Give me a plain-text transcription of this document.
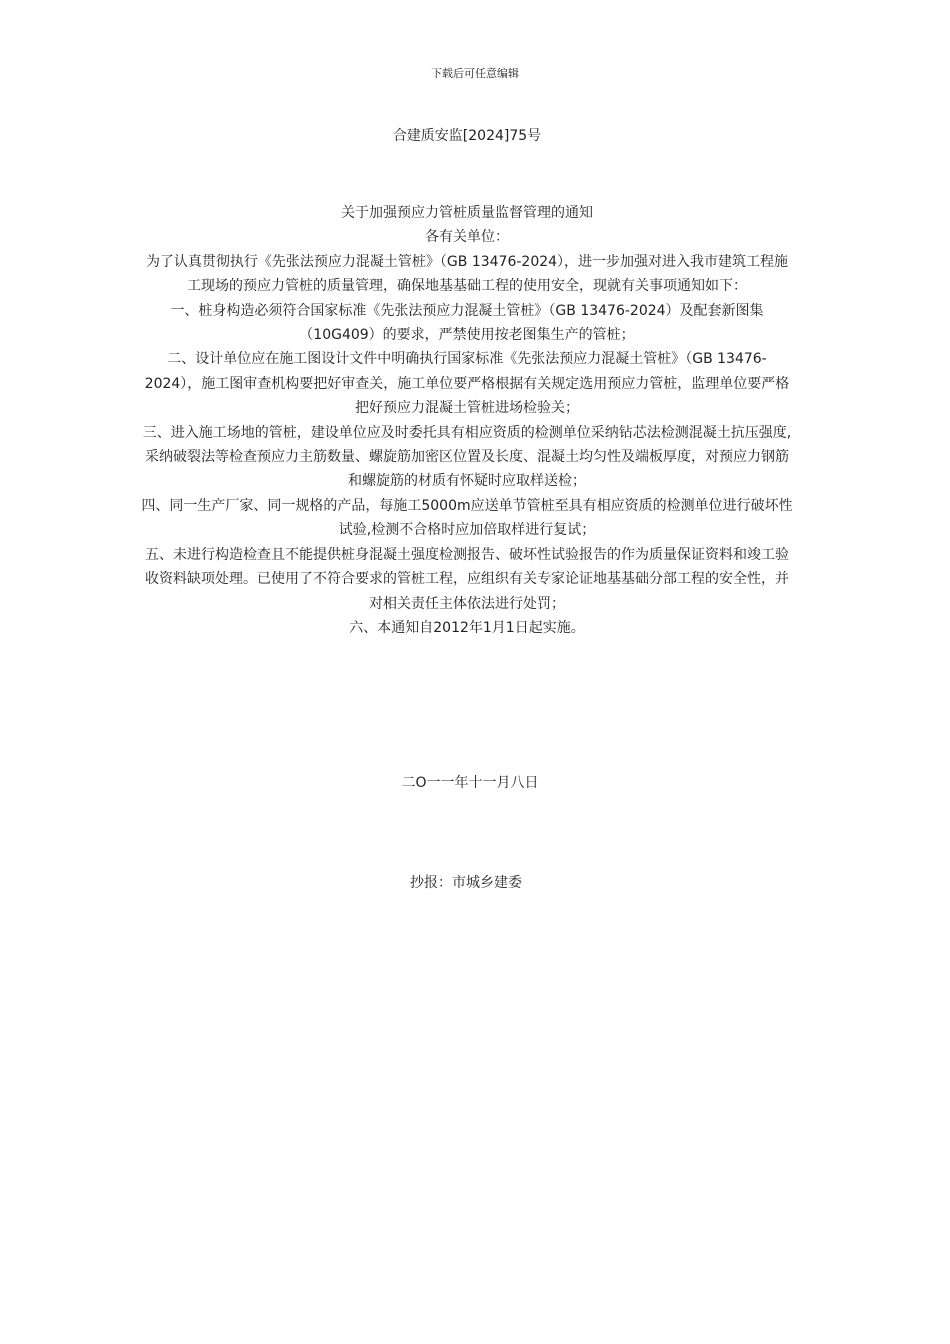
下载后可任意编辑
合建质安监[2024]75号

关于加强预应力管桩质量监督管理的通知

各有关单位：

为了认真贯彻执行《先张法预应力混凝土管桩》（GB 13476-2024），进一步加强对进入我市建筑工程施工现场的预应力管桩的质量管理，确保地基基础工程的使用安全，现就有关事项通知如下：

一、桩身构造必须符合国家标准《先张法预应力混凝土管桩》（GB 13476-2024）及配套新图集（10G409）的要求，严禁使用按老图集生产的管桩；

二、设计单位应在施工图设计文件中明确执行国家标准《先张法预应力混凝土管桩》（GB 13476-2024），施工图审查机构要把好审查关，施工单位要严格根据有关规定选用预应力管桩，监理单位要严格把好预应力混凝土管桩进场检验关；

三、进入施工场地的管桩，建设单位应及时委托具有相应资质的检测单位采纳钻芯法检测混凝土抗压强度,采纳破裂法等检查预应力主筋数量、螺旋筋加密区位置及长度、混凝土均匀性及端板厚度，对预应力钢筋和螺旋筋的材质有怀疑时应取样送检；

四、同一生产厂家、同一规格的产品，每施工5000m应送单节管桩至具有相应资质的检测单位进行破坏性试验,检测不合格时应加倍取样进行复试；

五、未进行构造检查且不能提供桩身混凝土强度检测报告、破坏性试验报告的作为质量保证资料和竣工验收资料缺项处理。已使用了不符合要求的管桩工程，应组织有关专家论证地基基础分部工程的安全性，并对相关责任主体依法进行处罚；

六、本通知自2012年1月1日起实施。

二O一一年十一月八日
抄报：市城乡建委
